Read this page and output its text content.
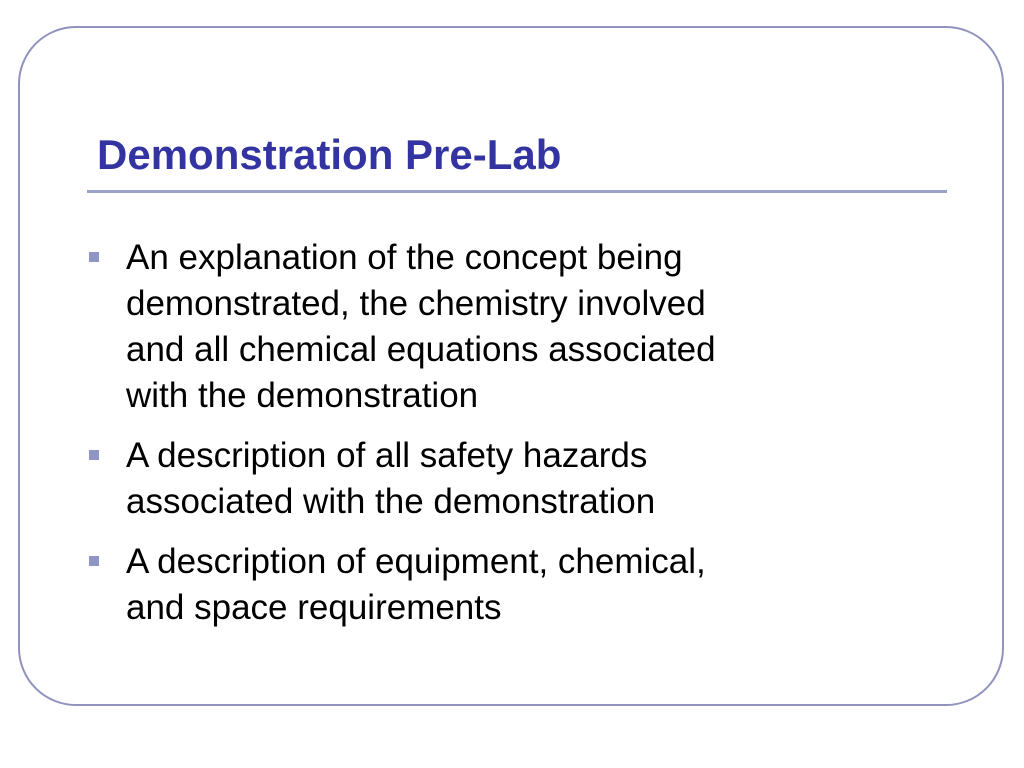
Demonstration Pre-Lab
An explanation of the concept being
demonstrated, the chemistry involved
and all chemical equations associated
with the demonstration
A description of all safety hazards
associated with the demonstration
A description of equipment, chemical,
and space requirements
